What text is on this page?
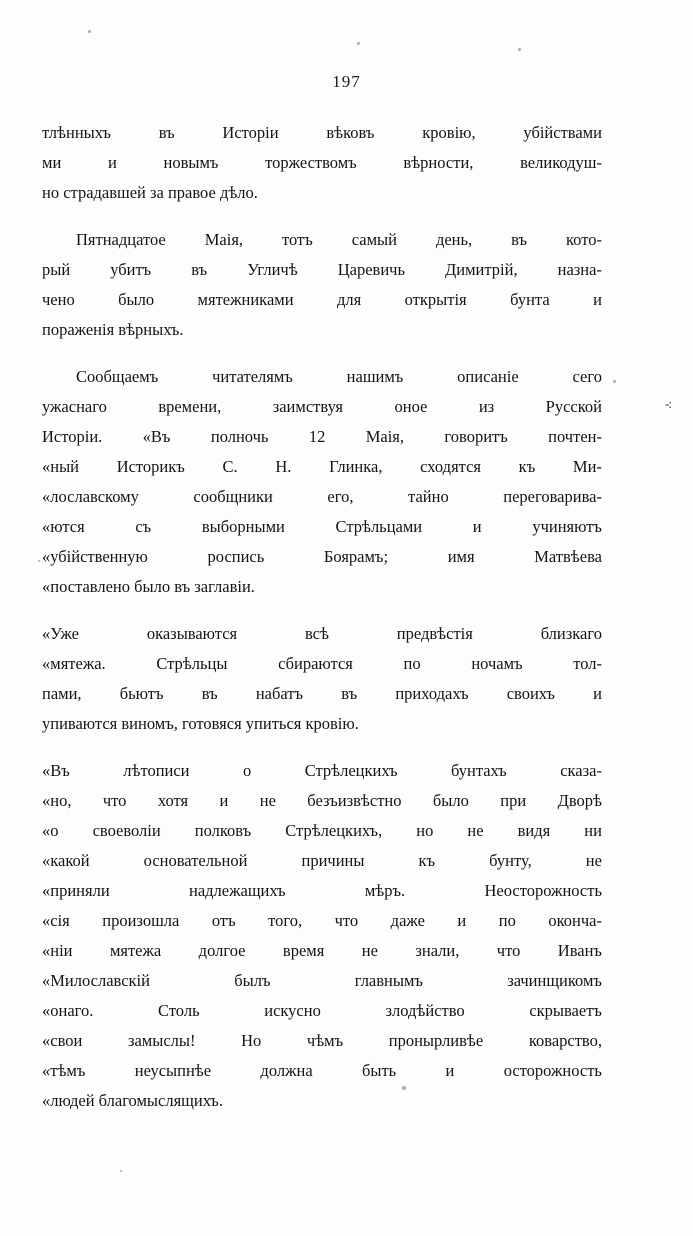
197
-:
тлѣнныхъ	въ	Исторіи	вѣковъ	кровію,	убійствами
ми	и	новымъ	торжествомъ	вѣрности,	великодуш-
но страдавшей за правое дѣло.
Пятнадцатое Маія, тотъ самый день, въ кото-
рый убитъ въ Угличѣ Царевичь Димитрій, назна-
чено	было	мятежниками	для	открытія	бунта	и
пораженія вѣрныхъ.
Сообщаемъ	читателямъ	нашимъ	описаніе	сего
ужаснаго	времени,	заимствуя	оное	из	Русской
Исторіи. «Въ полночь 12 Маія, говоритъ почтен-
«ный Историкъ С. Н. Глинка, сходятся къ Ми-
«лославскому	сообщники	его,	тайно	переговарива-
«ются	съ	выборными	Стрѣльцами	и	учиняютъ
«убійственную	роспись	Боярамъ;	имя	Матвѣева
«поставлено было въ заглавіи.
«Уже	оказываются	всѣ	предвѣстія	близкаго
«мятежа.	Стрѣльцы	сбираются	по	ночамъ	тол-
пами, бьютъ въ набатъ въ приходахъ своихъ и
упиваются виномъ, готовяся упиться кровію.
«Въ	лѣтописи	о	Стрѣлецкихъ	бунтахъ	сказа-
«но, что хотя и не безъизвѣстно было при Дворѣ
«о своеволіи полковъ Стрѣлецкихъ, но не видя ни
«какой	основательной	причины	къ	бунту,	не
«приняли	надлежащихъ	мѣръ.	Неосторожность
«сія произошла отъ того, что даже и по оконча-
«ніи мятежа долгое время не знали, что Иванъ
«Милославскій	былъ	главнымъ	зачинщикомъ
«онаго.	Столь	искусно	злодѣйство	скрываетъ
«свои	замыслы!	Но	чѣмъ	пронырливѣе	коварство,
«тѣмъ	неусыпнѣе	должна	быть	и	осторожность
«людей благомыслящихъ.
